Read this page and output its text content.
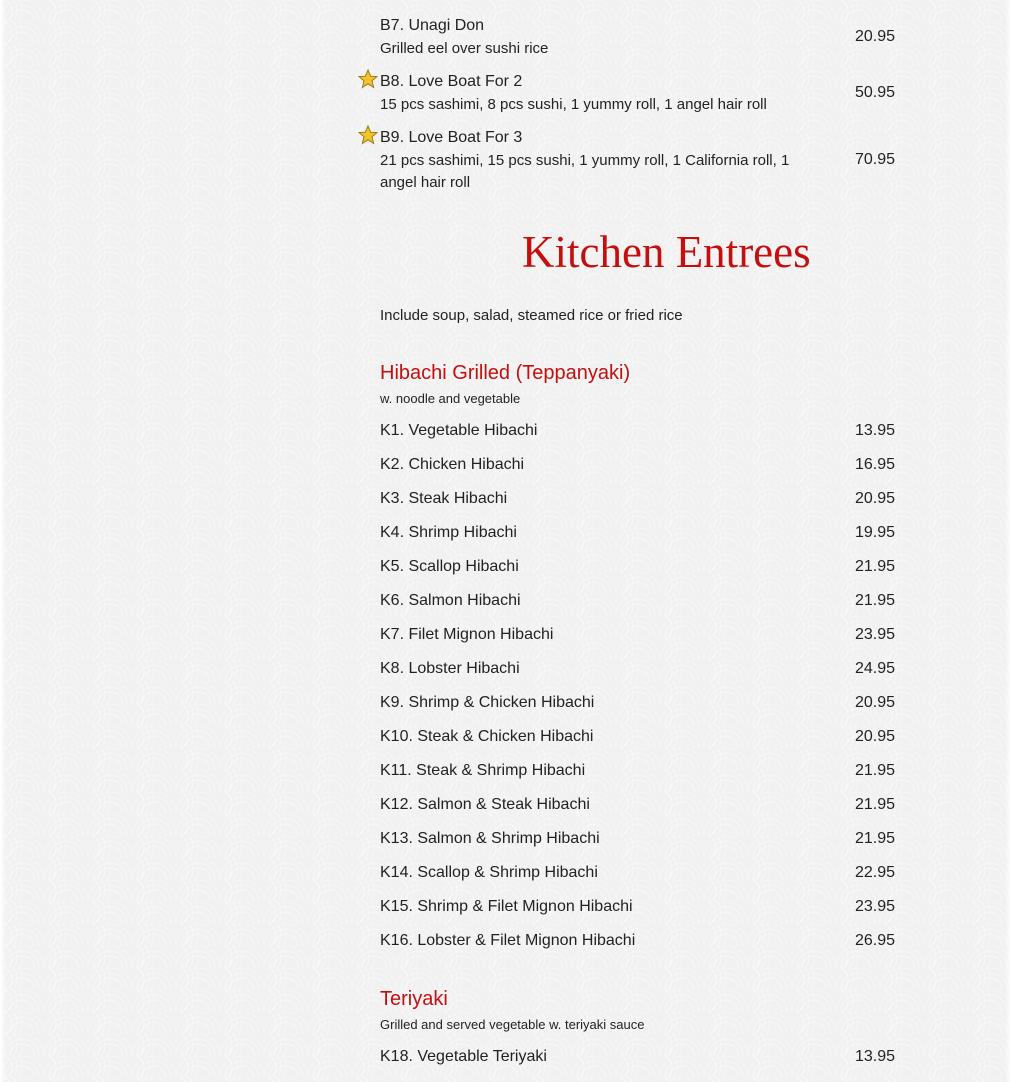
B7. Unagi Don
Grilled eel over sushi rice
20.95
B8. Love Boat For 2
15 pcs sashimi, 8 pcs sushi, 1 yummy roll, 1 angel hair roll
50.95
B9. Love Boat For 3
21 pcs sashimi, 15 pcs sushi, 1 yummy roll, 1 California roll, 1 angel hair roll
70.95
Kitchen Entrees
Include soup, salad, steamed rice or fried rice
Hibachi Grilled (Teppanyaki)
w. noodle and vegetable
K1. Vegetable Hibachi	13.95
K2. Chicken Hibachi	16.95
K3. Steak Hibachi	20.95
K4. Shrimp Hibachi	19.95
K5. Scallop Hibachi	21.95
K6. Salmon Hibachi	21.95
K7. Filet Mignon Hibachi	23.95
K8. Lobster Hibachi	24.95
K9. Shrimp & Chicken Hibachi	20.95
K10. Steak & Chicken Hibachi	20.95
K11. Steak & Shrimp Hibachi	21.95
K12. Salmon & Steak Hibachi	21.95
K13. Salmon & Shrimp Hibachi	21.95
K14. Scallop & Shrimp Hibachi	22.95
K15. Shrimp & Filet Mignon Hibachi	23.95
K16. Lobster & Filet Mignon Hibachi	26.95
Teriyaki
Grilled and served vegetable w. teriyaki sauce
K18. Vegetable Teriyaki	13.95
